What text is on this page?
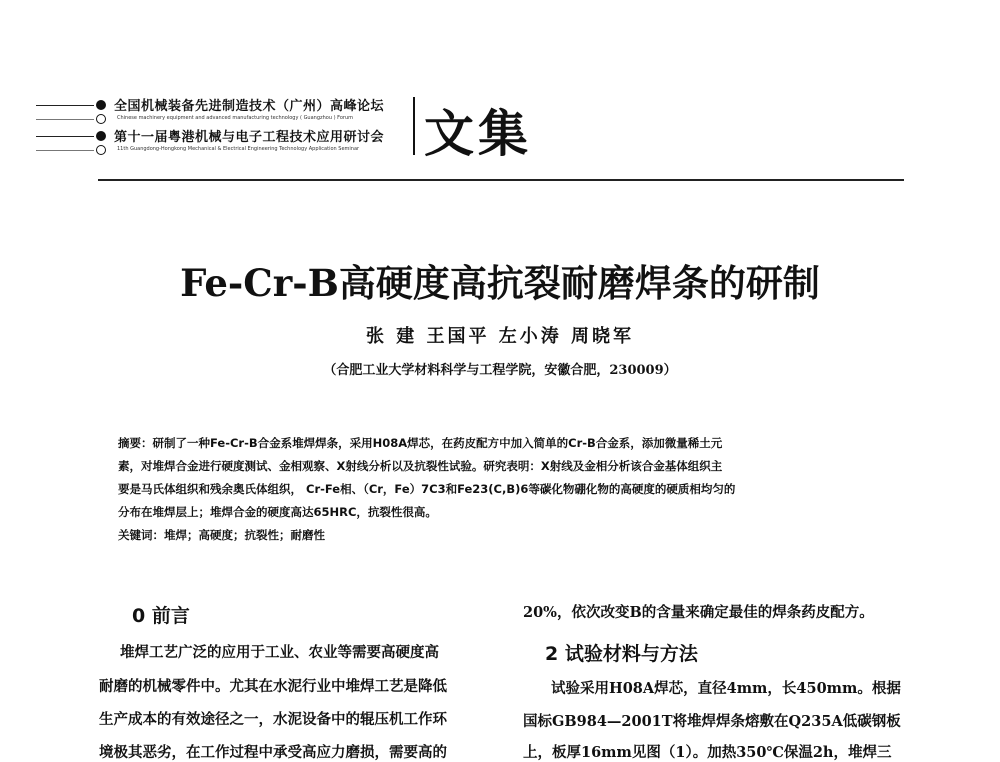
全国机械装备先进制造技术（广州）高峰论坛
Chinese machinery equipment and advanced manufacturing technology ( Guangzhou ) Forum
第十一届粤港机械与电子工程技术应用研讨会
11th Guangdong-Hongkong Mechanical & Electrical Engineering Technology Application Seminar 文集
Fe-Cr-B高硬度高抗裂耐磨焊条的研制
张 建 王国平 左小涛 周晓军
（合肥工业大学材料科学与工程学院，安徽合肥，230009）
摘要：研制了一种Fe-Cr-B合金系堆焊焊条，采用H08A焊芯，在药皮配方中加入简单的Cr-B合金系，添加微量稀土元
素，对堆焊合金进行硬度测试、金相观察、X射线分析以及抗裂性试验。研究表明：X射线及金相分析该合金基体组织主
要是马氏体组织和残余奥氏体组织， Cr-Fe相、（Cr，Fe）7C3和Fe23(C,B)6等碳化物硼化物的高硬度的硬质相均匀的
分布在堆焊层上；堆焊合金的硬度高达65HRC，抗裂性很高。
关键词：堆焊；高硬度；抗裂性；耐磨性
0 前言
堆焊工艺广泛的应用于工业、农业等需要高硬度高
耐磨的机械零件中。尤其在水泥行业中堆焊工艺是降低
生产成本的有效途径之一，水泥设备中的辊压机工作环
境极其恶劣，在工作过程中承受高应力磨损，需要高的
20%，依次改变B的含量来确定最佳的焊条药皮配方。
2 试验材料与方法
试验采用H08A焊芯，直径4mm，长450mm。根据
国标GB984—2001T将堆焊焊条熔敷在Q235A低碳钢板
上，板厚16mm见图（1）。加热350℃保温2h，堆焊三
